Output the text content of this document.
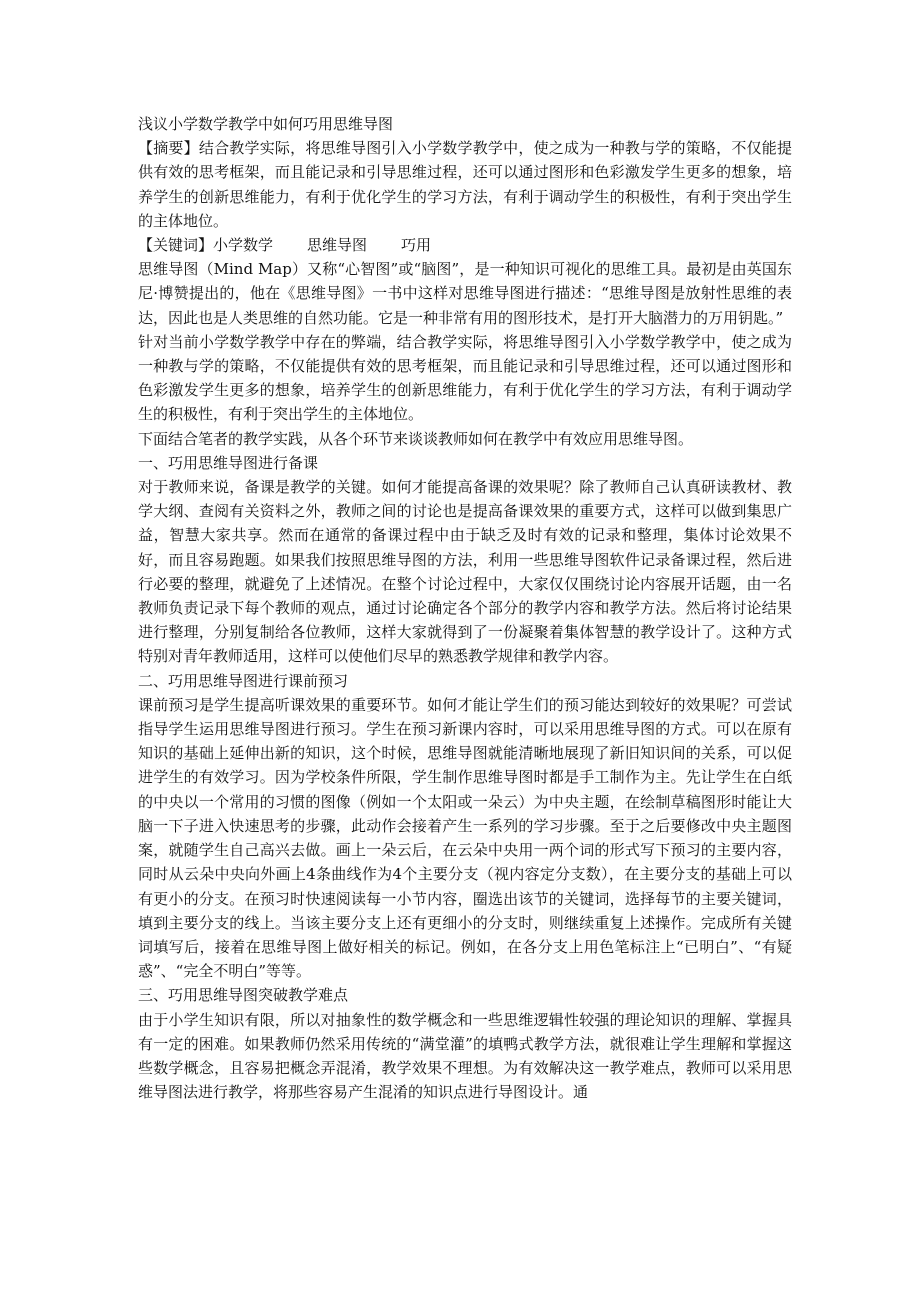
浅议小学数学教学中如何巧用思维导图

【摘要】结合教学实际，将思维导图引入小学数学教学中，使之成为一种教与学的策略，不仅能提供有效的思考框架，而且能记录和引导思维过程，还可以通过图形和色彩激发学生更多的想象，培养学生的创新思维能力，有利于优化学生的学习方法，有利于调动学生的积极性，有利于突出学生的主体地位。

【关键词】小学数学 思维导图 巧用

思维导图（Mind Map）又称“心智图”或“脑图”，是一种知识可视化的思维工具。最初是由英国东尼·博赞提出的，他在《思维导图》一书中这样对思维导图进行描述：“思维导图是放射性思维的表达，因此也是人类思维的自然功能。它是一种非常有用的图形技术，是打开大脑潜力的万用钥匙。”

针对当前小学数学教学中存在的弊端，结合教学实际，将思维导图引入小学数学教学中，使之成为一种教与学的策略，不仅能提供有效的思考框架，而且能记录和引导思维过程，还可以通过图形和色彩激发学生更多的想象，培养学生的创新思维能力，有利于优化学生的学习方法，有利于调动学生的积极性，有利于突出学生的主体地位。

下面结合笔者的教学实践，从各个环节来谈谈教师如何在教学中有效应用思维导图。

一、巧用思维导图进行备课

对于教师来说，备课是教学的关键。如何才能提高备课的效果呢？除了教师自己认真研读教材、教学大纲、查阅有关资料之外，教师之间的讨论也是提高备课效果的重要方式，这样可以做到集思广益，智慧大家共享。然而在通常的备课过程中由于缺乏及时有效的记录和整理，集体讨论效果不好，而且容易跑题。如果我们按照思维导图的方法，利用一些思维导图软件记录备课过程，然后进行必要的整理，就避免了上述情况。在整个讨论过程中，大家仅仅围绕讨论内容展开话题，由一名教师负责记录下每个教师的观点，通过讨论确定各个部分的教学内容和教学方法。然后将讨论结果进行整理，分别复制给各位教师，这样大家就得到了一份凝聚着集体智慧的教学设计了。这种方式特别对青年教师适用，这样可以使他们尽早的熟悉教学规律和教学内容。

二、巧用思维导图进行课前预习

课前预习是学生提高听课效果的重要环节。如何才能让学生们的预习能达到较好的效果呢？可尝试指导学生运用思维导图进行预习。学生在预习新课内容时，可以采用思维导图的方式。可以在原有知识的基础上延伸出新的知识，这个时候，思维导图就能清晰地展现了新旧知识间的关系，可以促进学生的有效学习。因为学校条件所限，学生制作思维导图时都是手工制作为主。先让学生在白纸的中央以一个常用的习惯的图像（例如一个太阳或一朵云）为中央主题，在绘制草稿图形时能让大脑一下子进入快速思考的步骤，此动作会接着产生一系列的学习步骤。至于之后要修改中央主题图案，就随学生自己高兴去做。画上一朵云后，在云朵中央用一两个词的形式写下预习的主要内容，同时从云朵中央向外画上4条曲线作为4个主要分支（视内容定分支数），在主要分支的基础上可以有更小的分支。在预习时快速阅读每一小节内容，圈选出该节的关键词，选择每节的主要关键词，填到主要分支的线上。当该主要分支上还有更细小的分支时，则继续重复上述操作。完成所有关键词填写后，接着在思维导图上做好相关的标记。例如，在各分支上用色笔标注上“已明白”、“有疑惑”、“完全不明白”等等。

三、巧用思维导图突破教学难点

由于小学生知识有限，所以对抽象性的数学概念和一些思维逻辑性较强的理论知识的理解、掌握具有一定的困难。如果教师仍然采用传统的“满堂灌”的填鸭式教学方法，就很难让学生理解和掌握这些数学概念，且容易把概念弄混淆，教学效果不理想。为有效解决这一教学难点，教师可以采用思维导图法进行教学，将那些容易产生混淆的知识点进行导图设计。通
